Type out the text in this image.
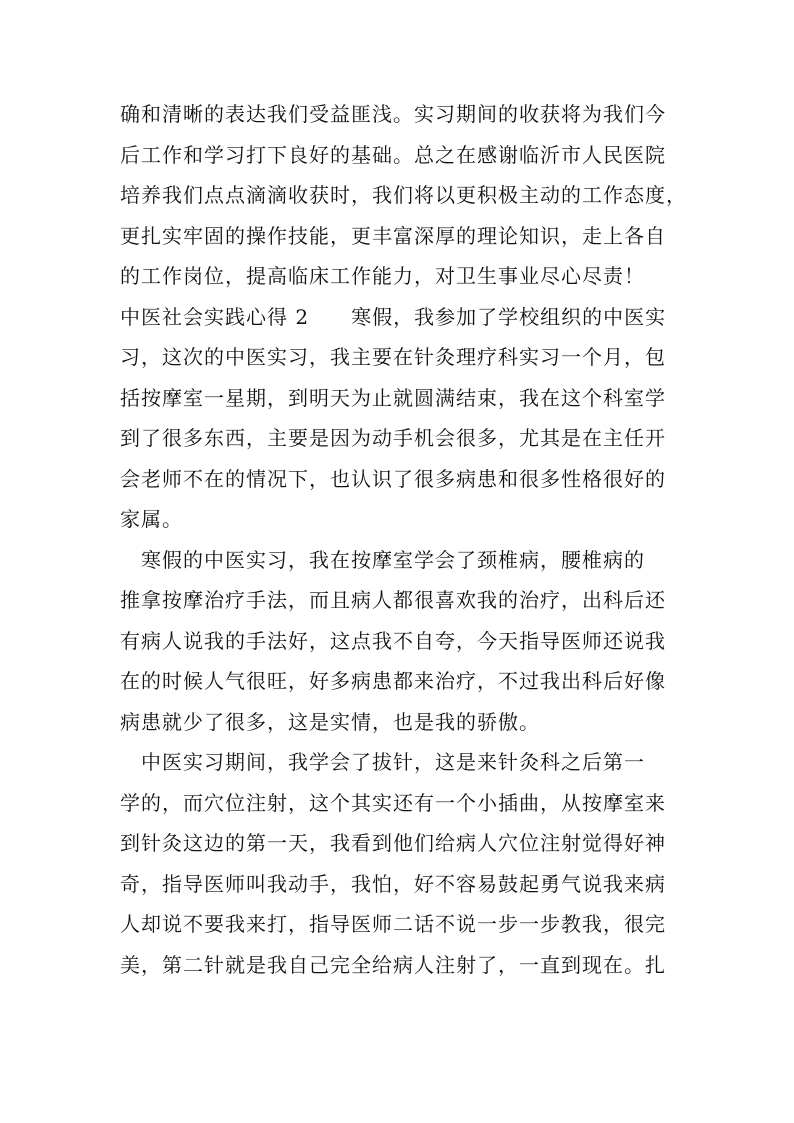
确和清晰的表达我们受益匪浅。实习期间的收获将为我们今
后工作和学习打下良好的基础。总之在感谢临沂市人民医院
培养我们点点滴滴收获时，我们将以更积极主动的工作态度，
更扎实牢固的操作技能，更丰富深厚的理论知识，走上各自
的工作岗位，提高临床工作能力，对卫生事业尽心尽责！
中医社会实践心得 2　　寒假，我参加了学校组织的中医实
习，这次的中医实习，我主要在针灸理疗科实习一个月，包
括按摩室一星期，到明天为止就圆满结束，我在这个科室学
到了很多东西，主要是因为动手机会很多，尤其是在主任开
会老师不在的情况下，也认识了很多病患和很多性格很好的
家属。
　寒假的中医实习，我在按摩室学会了颈椎病，腰椎病的
推拿按摩治疗手法，而且病人都很喜欢我的治疗，出科后还
有病人说我的手法好，这点我不自夸，今天指导医师还说我
在的时候人气很旺，好多病患都来治疗，不过我出科后好像
病患就少了很多，这是实情，也是我的骄傲。
　中医实习期间，我学会了拔针，这是来针灸科之后第一
学的，而穴位注射，这个其实还有一个小插曲，从按摩室来
到针灸这边的第一天，我看到他们给病人穴位注射觉得好神
奇，指导医师叫我动手，我怕，好不容易鼓起勇气说我来病
人却说不要我来打，指导医师二话不说一步一步教我，很完
美，第二针就是我自己完全给病人注射了，一直到现在。扎
